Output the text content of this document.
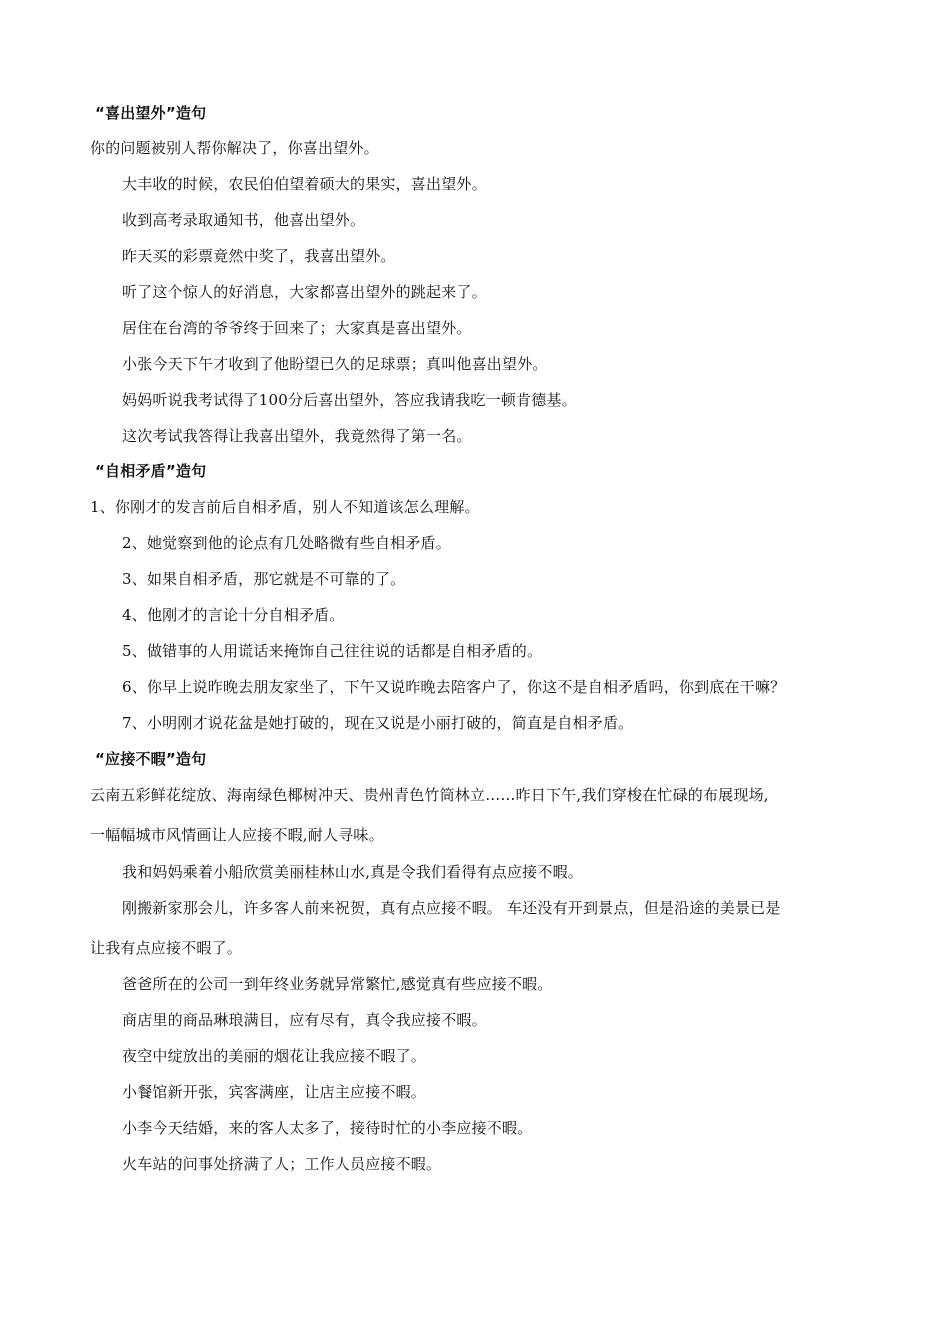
“喜出望外”造句
你的问题被别人帮你解决了，你喜出望外。
大丰收的时候，农民伯伯望着硕大的果实，喜出望外。
收到高考录取通知书，他喜出望外。
昨天买的彩票竟然中奖了，我喜出望外。
听了这个惊人的好消息，大家都喜出望外的跳起来了。
居住在台湾的爷爷终于回来了；大家真是喜出望外。
小张今天下午才收到了他盼望已久的足球票；真叫他喜出望外。
妈妈听说我考试得了100分后喜出望外，答应我请我吃一顿肯德基。
这次考试我答得让我喜出望外，我竟然得了第一名。
“自相矛盾”造句
1、你刚才的发言前后自相矛盾，别人不知道该怎么理解。
2、她觉察到他的论点有几处略微有些自相矛盾。
3、如果自相矛盾，那它就是不可靠的了。
4、他刚才的言论十分自相矛盾。
5、做错事的人用谎话来掩饰自己往往说的话都是自相矛盾的。
6、你早上说昨晚去朋友家坐了，下午又说昨晚去陪客户了，你这不是自相矛盾吗，你到底在干嘛？
7、小明刚才说花盆是她打破的，现在又说是小丽打破的，简直是自相矛盾。
“应接不暇”造句
云南五彩鲜花绽放、海南绿色椰树冲天、贵州青色竹筒林立……昨日下午,我们穿梭在忙碌的布展现场,
一幅幅城市风情画让人应接不暇,耐人寻味。
我和妈妈乘着小船欣赏美丽桂林山水,真是令我们看得有点应接不暇。
刚搬新家那会儿，许多客人前来祝贺，真有点应接不暇。 车还没有开到景点，但是沿途的美景已是
让我有点应接不暇了。
爸爸所在的公司一到年终业务就异常繁忙,感觉真有些应接不暇。
商店里的商品琳琅满目，应有尽有，真令我应接不暇。
夜空中绽放出的美丽的烟花让我应接不暇了。
小餐馆新开张，宾客满座，让店主应接不暇。
小李今天结婚，来的客人太多了，接待时忙的小李应接不暇。
火车站的问事处挤满了人；工作人员应接不暇。
